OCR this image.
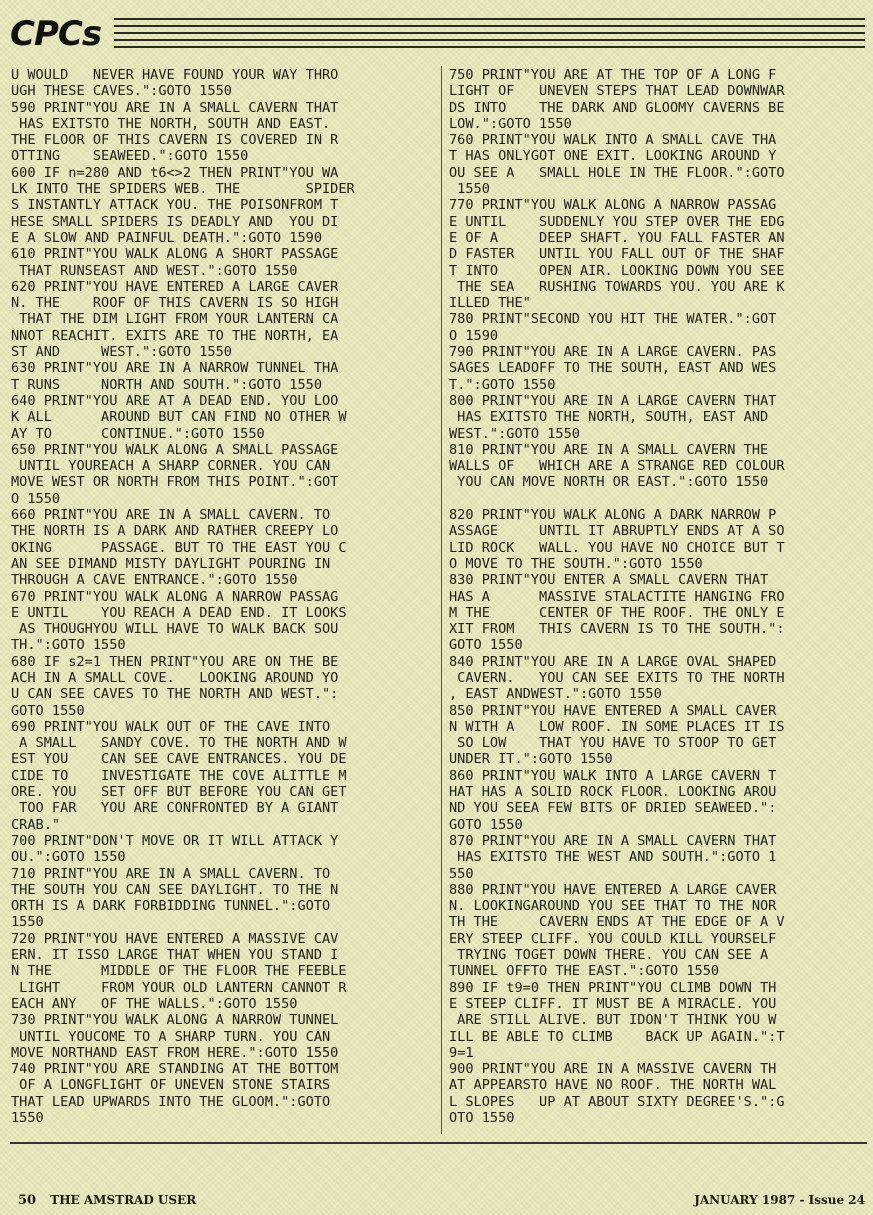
CPCs
U WOULD   NEVER HAVE FOUND YOUR WAY THRO
UGH THESE CAVES.":GOTO 1550
590 PRINT"YOU ARE IN A SMALL CAVERN THAT
HAS EXITSTO THE NORTH, SOUTH AND EAST.
THE FLOOR OF THIS CAVERN IS COVERED IN R
OTTING    SEAWEED.":GOTO 1550
600 IF n=280 AND t6<>2 THEN PRINT"YOU WA
LK INTO THE SPIDERS WEB. THE        SPIDER
S INSTANTLY ATTACK YOU. THE POISONFROM T
HESE SMALL SPIDERS IS DEADLY AND  YOU DI
E A SLOW AND PAINFUL DEATH.":GOTO 1590
610 PRINT"YOU WALK ALONG A SHORT PASSAGE
THAT RUNSEAST AND WEST.":GOTO 1550
620 PRINT"YOU HAVE ENTERED A LARGE CAVER
N. THE    ROOF OF THIS CAVERN IS SO HIGH
THAT THE DIM LIGHT FROM YOUR LANTERN CA
NNOT REACHIT. EXITS ARE TO THE NORTH, EA
ST AND     WEST.":GOTO 1550
630 PRINT"YOU ARE IN A NARROW TUNNEL THA
T RUNS     NORTH AND SOUTH.":GOTO 1550
640 PRINT"YOU ARE AT A DEAD END. YOU LOO
K ALL      AROUND BUT CAN FIND NO OTHER W
AY TO      CONTINUE.":GOTO 1550
650 PRINT"YOU WALK ALONG A SMALL PASSAGE
UNTIL YOUREACH A SHARP CORNER. YOU CAN
MOVE WEST OR NORTH FROM THIS POINT.":GOT
O 1550
660 PRINT"YOU ARE IN A SMALL CAVERN. TO
THE NORTH IS A DARK AND RATHER CREEPY LO
OKING      PASSAGE. BUT TO THE EAST YOU C
AN SEE DIMAND MISTY DAYLIGHT POURING IN
THROUGH A CAVE ENTRANCE.":GOTO 1550
670 PRINT"YOU WALK ALONG A NARROW PASSAG
E UNTIL    YOU REACH A DEAD END. IT LOOKS
AS THOUGHYOU WILL HAVE TO WALK BACK SOU
TH.":GOTO 1550
680 IF s2=1 THEN PRINT"YOU ARE ON THE BE
ACH IN A SMALL COVE.   LOOKING AROUND YO
U CAN SEE CAVES TO THE NORTH AND WEST.":
GOTO 1550
690 PRINT"YOU WALK OUT OF THE CAVE INTO
A SMALL   SANDY COVE. TO THE NORTH AND W
EST YOU    CAN SEE CAVE ENTRANCES. YOU DE
CIDE TO    INVESTIGATE THE COVE ALITTLE M
ORE. YOU   SET OFF BUT BEFORE YOU CAN GET
TOO FAR   YOU ARE CONFRONTED BY A GIANT
CRAB."
700 PRINT"DON'T MOVE OR IT WILL ATTACK Y
OU.":GOTO 1550
710 PRINT"YOU ARE IN A SMALL CAVERN. TO
THE SOUTH YOU CAN SEE DAYLIGHT. TO THE N
ORTH IS A DARK FORBIDDING TUNNEL.":GOTO
1550
720 PRINT"YOU HAVE ENTERED A MASSIVE CAV
ERN. IT ISSO LARGE THAT WHEN YOU STAND I
N THE      MIDDLE OF THE FLOOR THE FEEBLE
LIGHT     FROM YOUR OLD LANTERN CANNOT R
EACH ANY   OF THE WALLS.":GOTO 1550
730 PRINT"YOU WALK ALONG A NARROW TUNNEL
UNTIL YOUCOME TO A SHARP TURN. YOU CAN
MOVE NORTHAND EAST FROM HERE.":GOTO 1550
740 PRINT"YOU ARE STANDING AT THE BOTTOM
OF A LONGFLIGHT OF UNEVEN STONE STAIRS
THAT LEAD UPWARDS INTO THE GLOOM.":GOTO
1550
750 PRINT"YOU ARE AT THE TOP OF A LONG F
LIGHT OF   UNEVEN STEPS THAT LEAD DOWNWAR
DS INTO    THE DARK AND GLOOMY CAVERNS BE
LOW.":GOTO 1550
760 PRINT"YOU WALK INTO A SMALL CAVE THA
T HAS ONLYGOT ONE EXIT. LOOKING AROUND Y
OU SEE A   SMALL HOLE IN THE FLOOR.":GOTO
1550
770 PRINT"YOU WALK ALONG A NARROW PASSAG
E UNTIL    SUDDENLY YOU STEP OVER THE EDG
E OF A     DEEP SHAFT. YOU FALL FASTER AN
D FASTER   UNTIL YOU FALL OUT OF THE SHAF
T INTO     OPEN AIR. LOOKING DOWN YOU SEE
THE SEA   RUSHING TOWARDS YOU. YOU ARE K
ILLED THE"
780 PRINT"SECOND YOU HIT THE WATER.":GOT
O 1590
790 PRINT"YOU ARE IN A LARGE CAVERN. PAS
SAGES LEADOFF TO THE SOUTH, EAST AND WES
T.":GOTO 1550
800 PRINT"YOU ARE IN A LARGE CAVERN THAT
HAS EXITSTO THE NORTH, SOUTH, EAST AND
WEST.":GOTO 1550
810 PRINT"YOU ARE IN A SMALL CAVERN THE
WALLS OF   WHICH ARE A STRANGE RED COLOUR
YOU CAN MOVE NORTH OR EAST.":GOTO 1550

820 PRINT"YOU WALK ALONG A DARK NARROW P
ASSAGE     UNTIL IT ABRUPTLY ENDS AT A SO
LID ROCK   WALL. YOU HAVE NO CHOICE BUT T
O MOVE TO THE SOUTH.":GOTO 1550
830 PRINT"YOU ENTER A SMALL CAVERN THAT
HAS A      MASSIVE STALACTITE HANGING FRO
M THE      CENTER OF THE ROOF. THE ONLY E
XIT FROM   THIS CAVERN IS TO THE SOUTH.":
GOTO 1550
840 PRINT"YOU ARE IN A LARGE OVAL SHAPED
CAVERN.   YOU CAN SEE EXITS TO THE NORTH
, EAST ANDWEST.":GOTO 1550
850 PRINT"YOU HAVE ENTERED A SMALL CAVER
N WITH A   LOW ROOF. IN SOME PLACES IT IS
SO LOW    THAT YOU HAVE TO STOOP TO GET
UNDER IT.":GOTO 1550
860 PRINT"YOU WALK INTO A LARGE CAVERN T
HAT HAS A SOLID ROCK FLOOR. LOOKING AROU
ND YOU SEEA FEW BITS OF DRIED SEAWEED.":
GOTO 1550
870 PRINT"YOU ARE IN A SMALL CAVERN THAT
HAS EXITSTO THE WEST AND SOUTH.":GOTO 1
550
880 PRINT"YOU HAVE ENTERED A LARGE CAVER
N. LOOKINGAROUND YOU SEE THAT TO THE NOR
TH THE     CAVERN ENDS AT THE EDGE OF A V
ERY STEEP CLIFF. YOU COULD KILL YOURSELF
TRYING TOGET DOWN THERE. YOU CAN SEE A
TUNNEL OFFTO THE EAST.":GOTO 1550
890 IF t9=0 THEN PRINT"YOU CLIMB DOWN TH
E STEEP CLIFF. IT MUST BE A MIRACLE. YOU
ARE STILL ALIVE. BUT IDON'T THINK YOU W
ILL BE ABLE TO CLIMB    BACK UP AGAIN.":T
9=1
900 PRINT"YOU ARE IN A MASSIVE CAVERN TH
AT APPEARSTO HAVE NO ROOF. THE NORTH WAL
L SLOPES   UP AT ABOUT SIXTY DEGREE'S.":G
OTO 1550
50 THE AMSTRAD USER	JANUARY 1987 - Issue 24
